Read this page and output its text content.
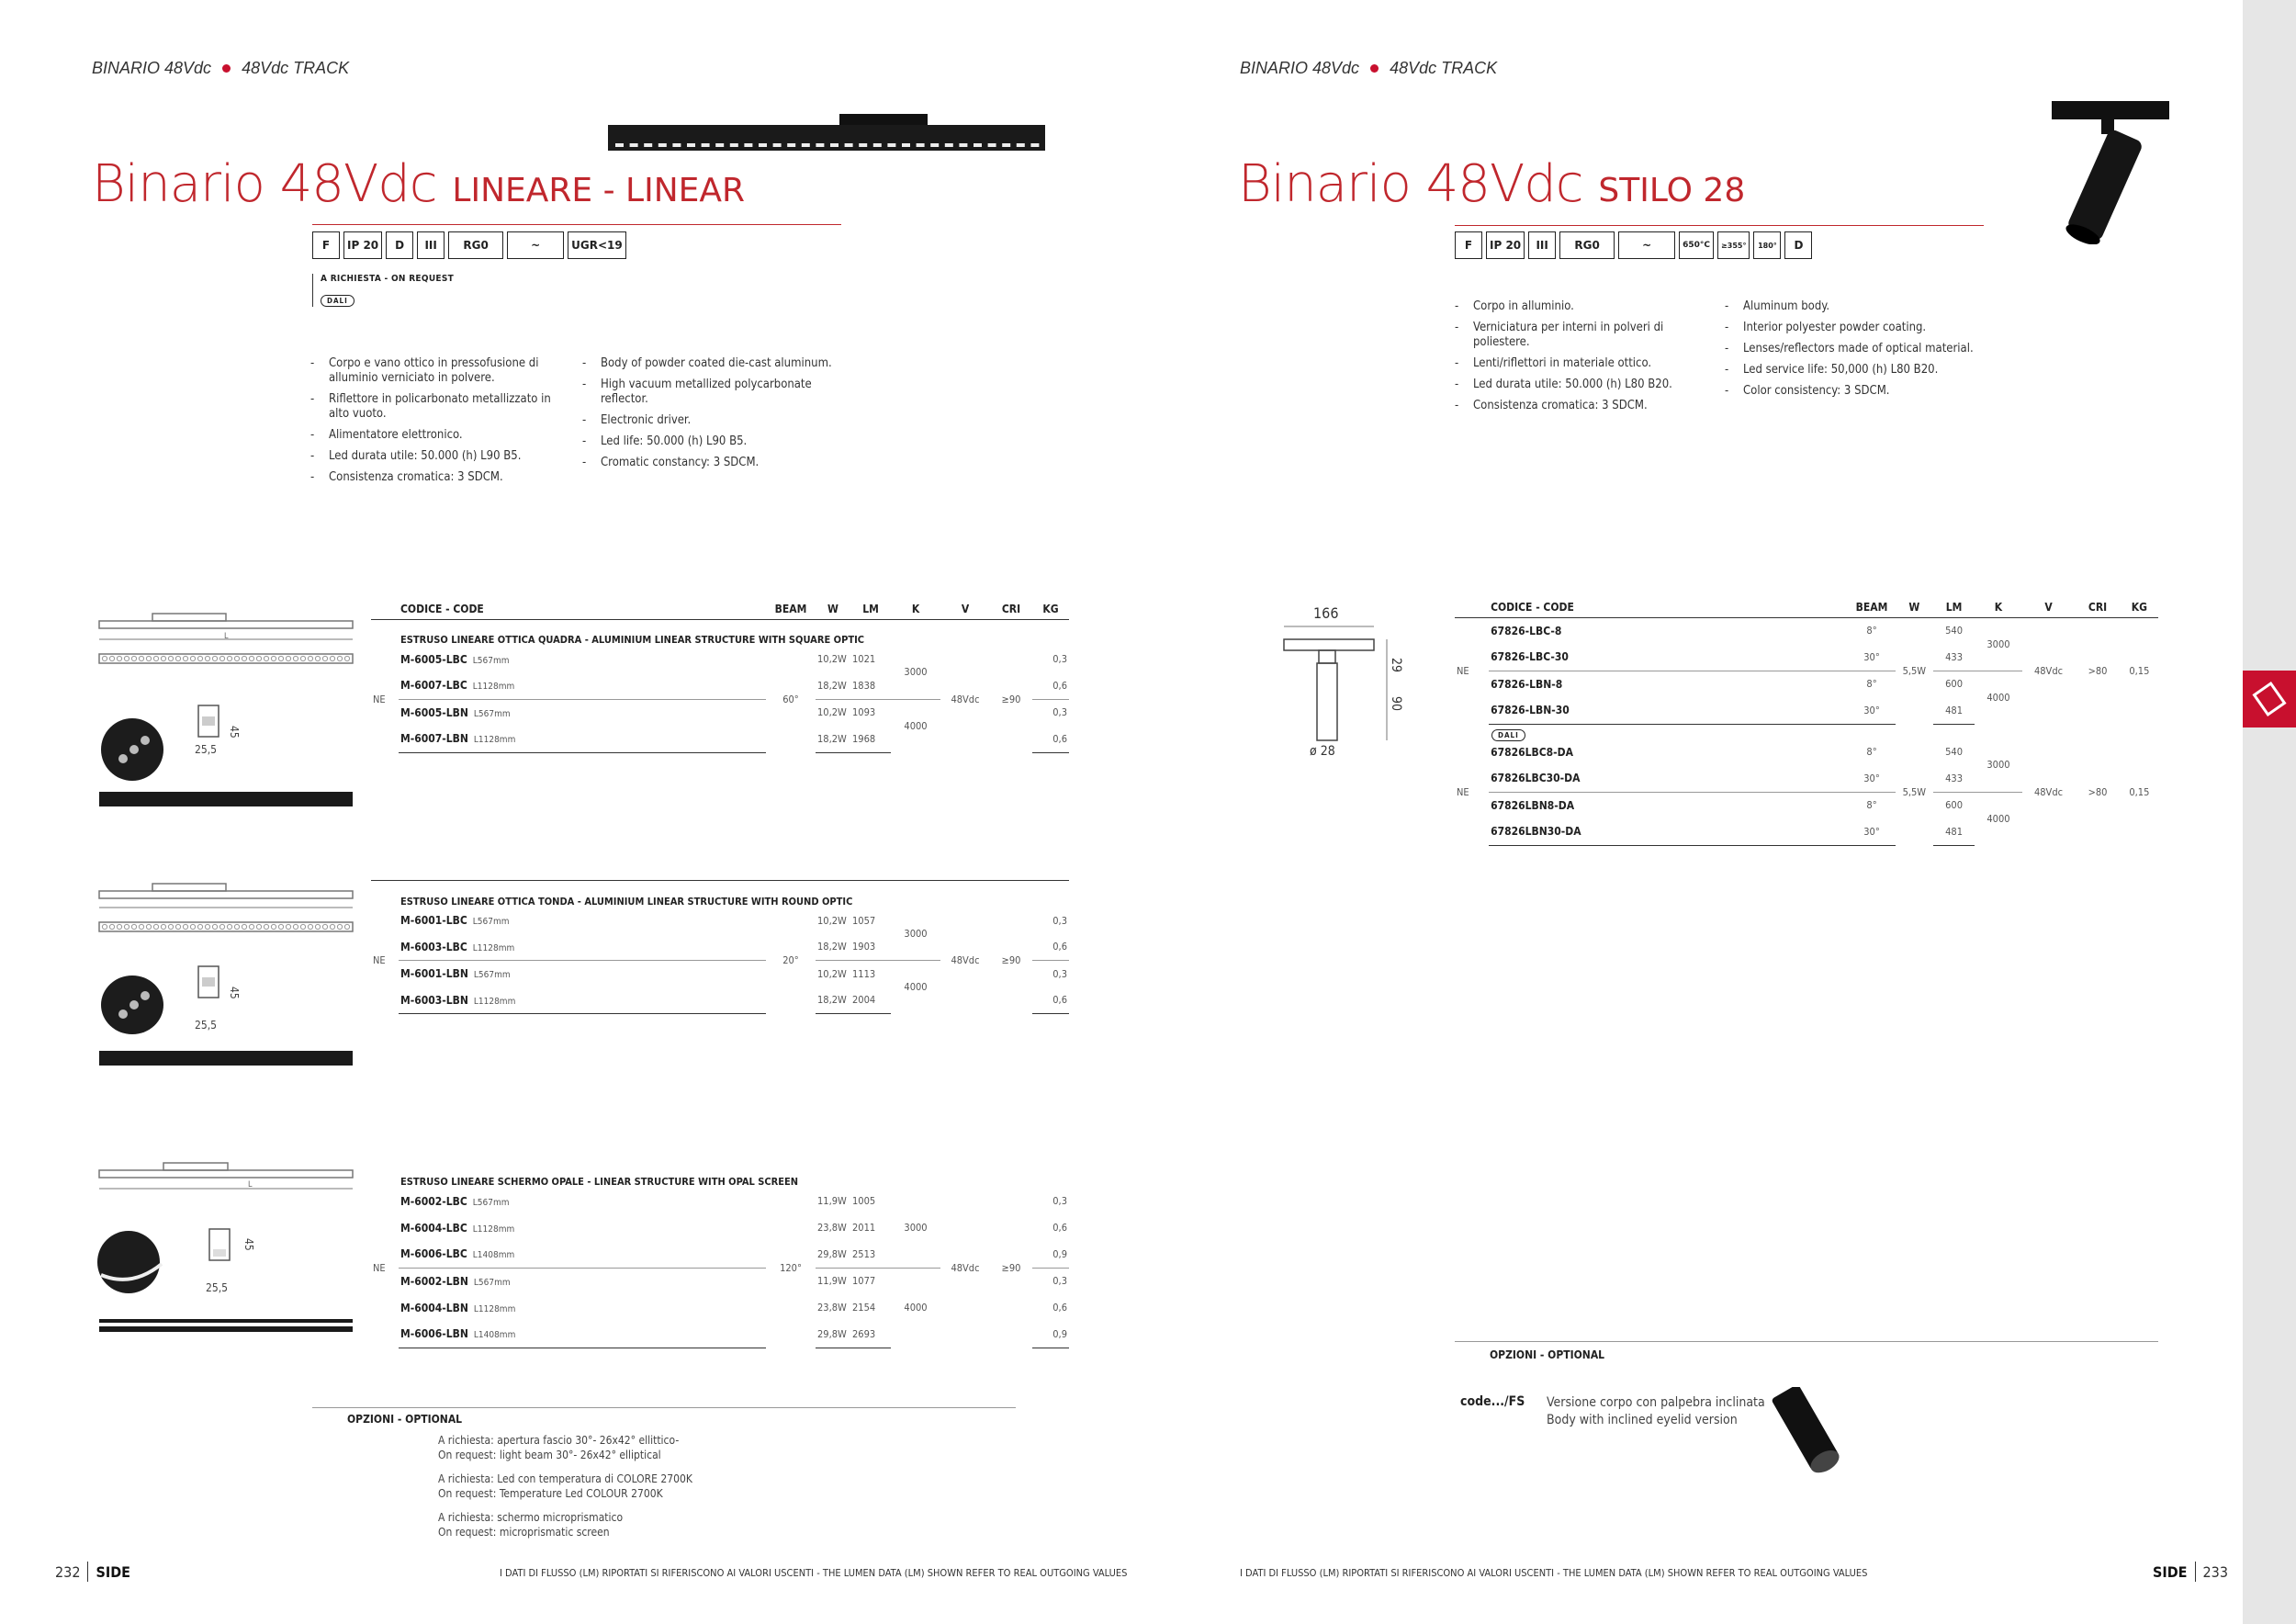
BINARIO 48Vdc 48Vdc TRACK
Binario 48Vdc LINEARE - LINEAR
F	IP 20	D	III	RG0	~	UGR<19
A RICHIESTA - ON REQUEST
DALI
- Corpo e vano ottico in pressofusione di alluminio verniciato in polvere.
- Riflettore in policarbonato metallizzato in alto vuoto.
- Alimentatore elettronico.
- Led durata utile: 50.000 (h) L90 B5.
- Consistenza cromatica: 3 SDCM.
- Body of powder coated die-cast aluminum.
- High vacuum metallized polycarbonate reflector.
- Electronic driver.
- Led life: 50.000 (h) L90 B5.
- Cromatic constancy: 3 SDCM.
L
45
25,5
45
25,5
L
45
25,5
	CODICE - CODE	BEAM	W	LM	K	V	CRI	KG
	ESTRUSO LINEARE OTTICA QUADRA - ALUMINIUM LINEAR STRUCTURE WITH SQUARE OPTIC							
NE	M-6005-LBC L567mm	60°	10,2W	1021	3000	48Vdc	≥90	0,3
	M-6007-LBC L1128mm		18,2W	1838				0,6
	M-6005-LBN L567mm		10,2W	1093	4000			0,3
	M-6007-LBN L1128mm		18,2W	1968				0,6
	ESTRUSO LINEARE OTTICA TONDA - ALUMINIUM LINEAR STRUCTURE WITH ROUND OPTIC							
NE	M-6001-LBC L567mm	20°	10,2W	1057	3000	48Vdc	≥90	0,3
	M-6003-LBC L1128mm		18,2W	1903				0,6
	M-6001-LBN L567mm		10,2W	1113	4000			0,3
	M-6003-LBN L1128mm		18,2W	2004				0,6
	ESTRUSO LINEARE SCHERMO OPALE - LINEAR STRUCTURE WITH OPAL SCREEN							
NE	M-6002-LBC L567mm	120°	11,9W	1005	3000	48Vdc	≥90	0,3
	M-6004-LBC L1128mm		23,8W	2011				0,6
	M-6006-LBC L1408mm		29,8W	2513				0,9
	M-6002-LBN L567mm		11,9W	1077	4000			0,3
	M-6004-LBN L1128mm		23,8W	2154				0,6
	M-6006-LBN L1408mm		29,8W	2693				0,9
OPZIONI - OPTIONAL
A richiesta: apertura fascio 30°- 26x42° ellittico-
On request: light beam 30°- 26x42° elliptical
A richiesta: Led con temperatura di COLORE 2700K
On request: Temperature Led COLOUR 2700K
A richiesta: schermo microprismatico
On request: microprismatic screen
232 SIDE	I DATI DI FLUSSO (LM) RIPORTATI SI RIFERISCONO AI VALORI USCENTI - THE LUMEN DATA (LM) SHOWN REFER TO REAL OUTGOING VALUES
BINARIO 48Vdc 48Vdc TRACK
Binario 48Vdc STILO 28
F	IP 20	III	RG0	~	650°C	≥355°	180°	D
- Corpo in alluminio.
- Verniciatura per interni in polveri di poliestere.
- Lenti/riflettori in materiale ottico.
- Led durata utile: 50.000 (h) L80 B20.
- Consistenza cromatica: 3 SDCM.
- Aluminum body.
- Interior polyester powder coating.
- Lenses/reflectors made of optical material.
- Led service life: 50,000 (h) L80 B20.
- Color consistency: 3 SDCM.
166
29
90
ø 28
	CODICE - CODE	BEAM	W	LM	K	V	CRI	KG
NE	67826-LBC-8	8°	5,5W	540	3000	48Vdc	>80	0,15
	67826-LBC-30	30°		433				
	67826-LBN-8	8°		600	4000			
	67826-LBN-30	30°		481				
DALI
NE	67826LBC8-DA	8°	5,5W	540	3000	48Vdc	>80	0,15
	67826LBC30-DA	30°		433				
	67826LBN8-DA	8°		600	4000			
	67826LBN30-DA	30°		481				
OPZIONI - OPTIONAL
code.../FS Versione corpo con palpebra inclinata
Body with inclined eyelid version
I DATI DI FLUSSO (LM) RIPORTATI SI RIFERISCONO AI VALORI USCENTI - THE LUMEN DATA (LM) SHOWN REFER TO REAL OUTGOING VALUES	SIDE 233
